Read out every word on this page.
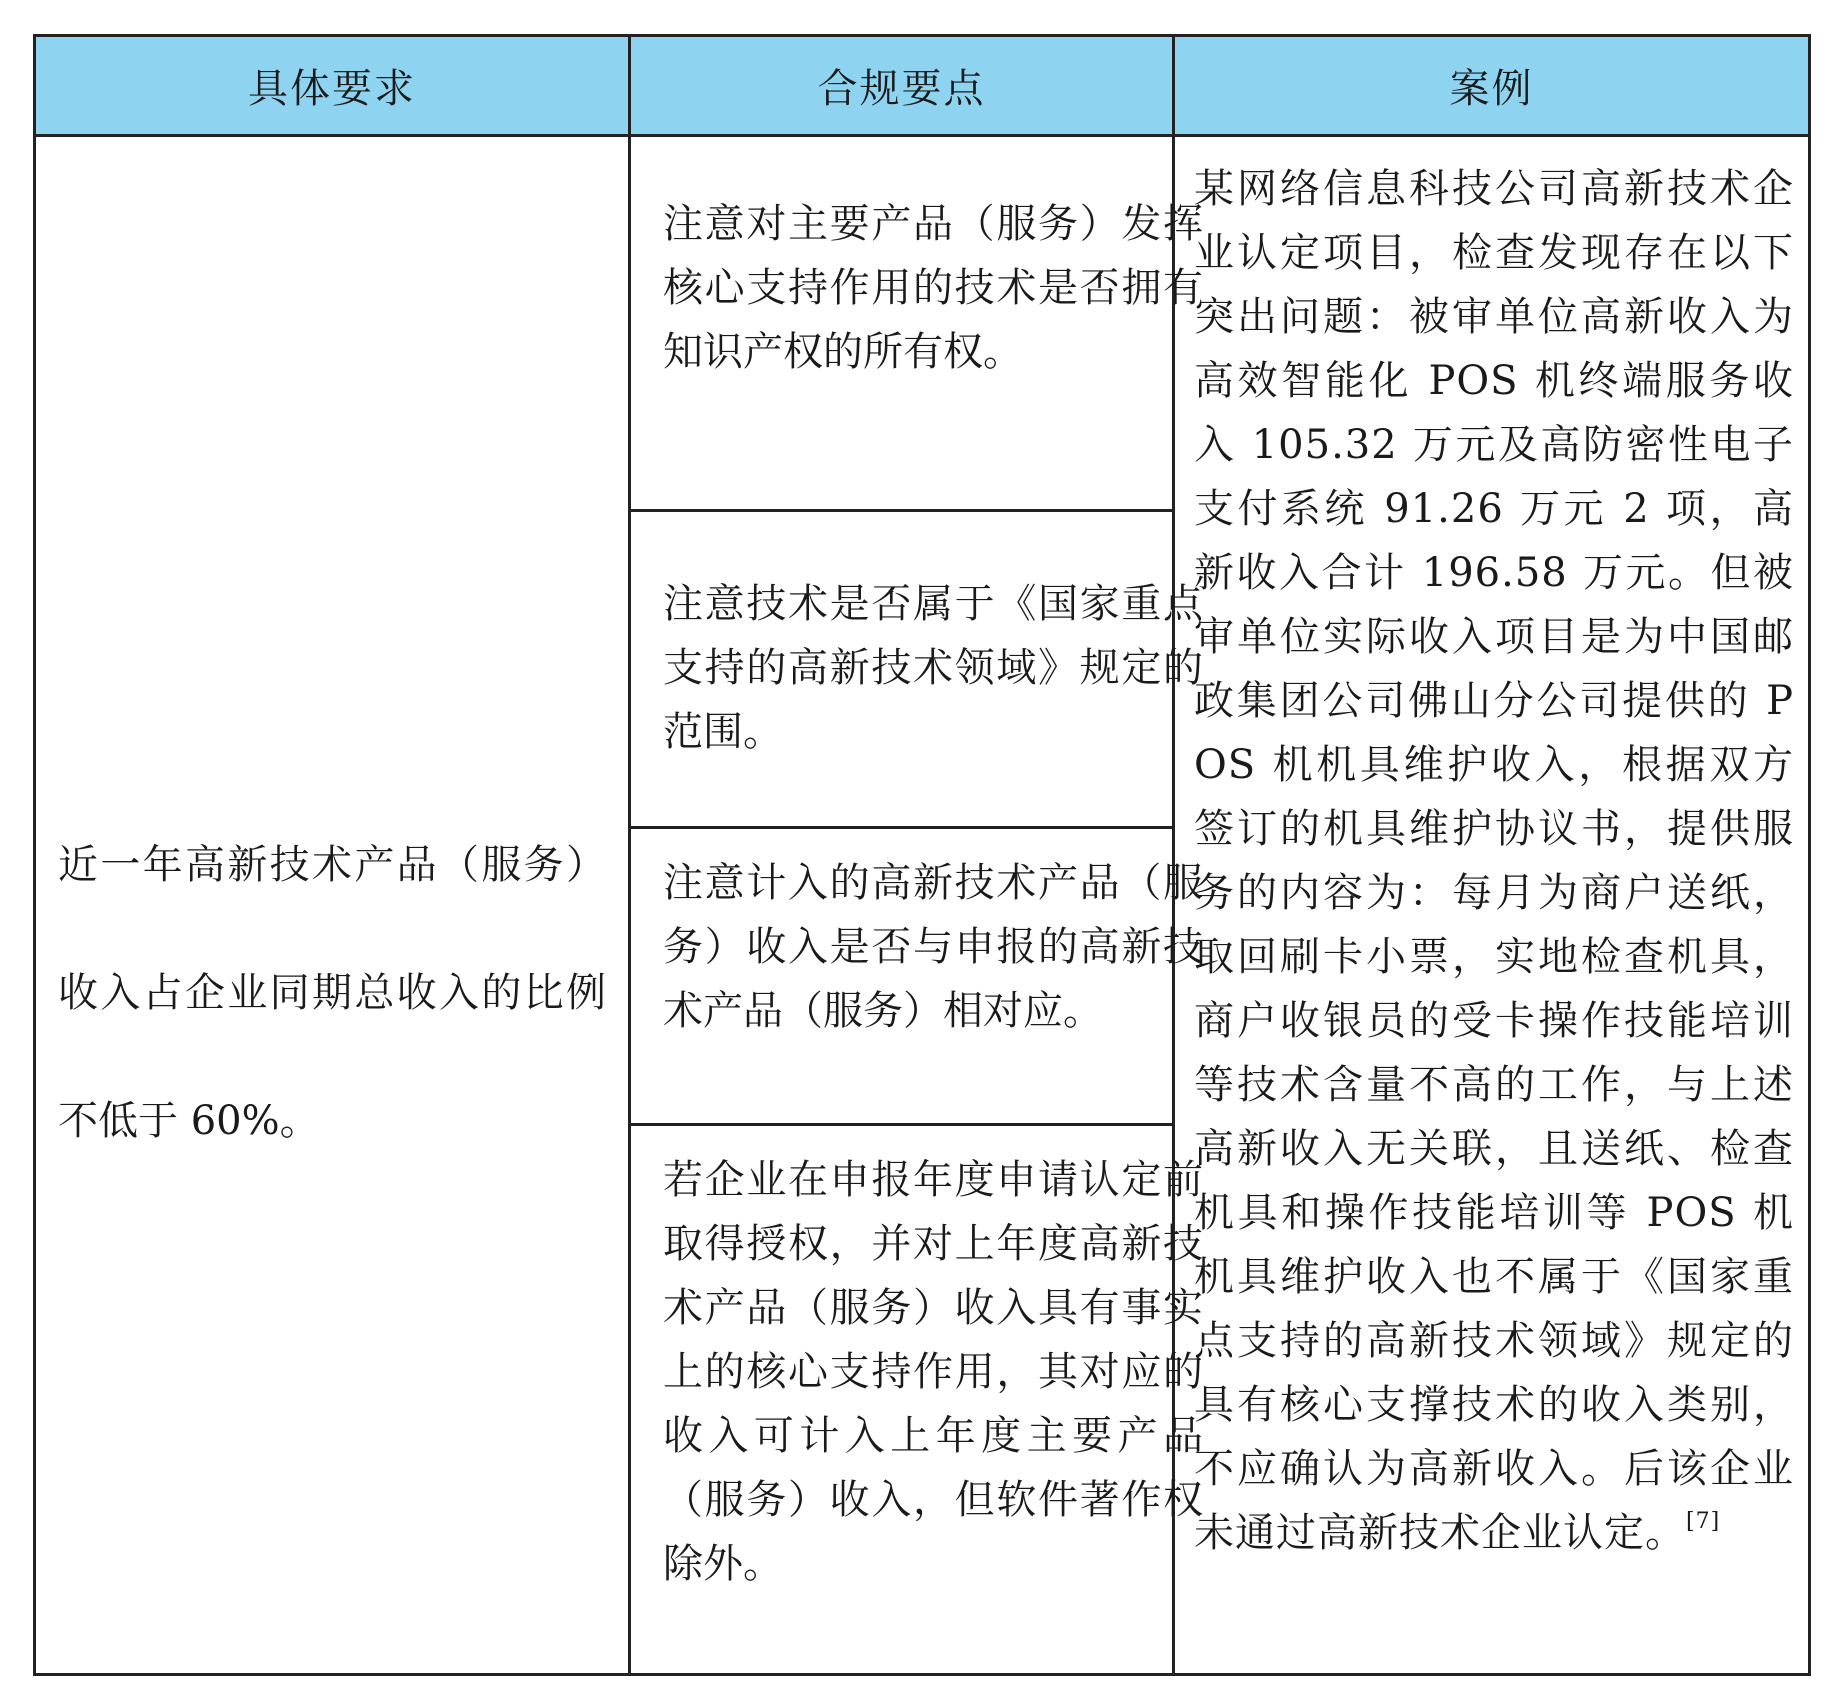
具体要求	合规要点	案例
近一年高新技术产品（服务）收入占企业同期总收入的比例不低于 60%。
注意对主要产品（服务）发挥核心支持作用的技术是否拥有知识产权的所有权。
注意技术是否属于《国家重点支持的高新技术领域》规定的范围。
注意计入的高新技术产品（服务）收入是否与申报的高新技术产品（服务）相对应。
若企业在申报年度申请认定前取得授权，并对上年度高新技术产品（服务）收入具有事实上的核心支持作用，其对应的收入可计入上年度主要产品（服务）收入，但软件著作权除外。
某网络信息科技公司高新技术企业认定项目，检查发现存在以下突出问题：被审单位高新收入为高效智能化 POS 机终端服务收入 105.32 万元及高防密性电子支付系统 91.26 万元 2 项，高新收入合计 196.58 万元。但被审单位实际收入项目是为中国邮政集团公司佛山分公司提供的 POS 机机具维护收入，根据双方签订的机具维护协议书，提供服务的内容为：每月为商户送纸，取回刷卡小票，实地检查机具，商户收银员的受卡操作技能培训等技术含量不高的工作，与上述高新收入无关联，且送纸、检查机具和操作技能培训等 POS 机机具维护收入也不属于《国家重点支持的高新技术领域》规定的具有核心支撑技术的收入类别，不应确认为高新收入。后该企业未通过高新技术企业认定。[7]
